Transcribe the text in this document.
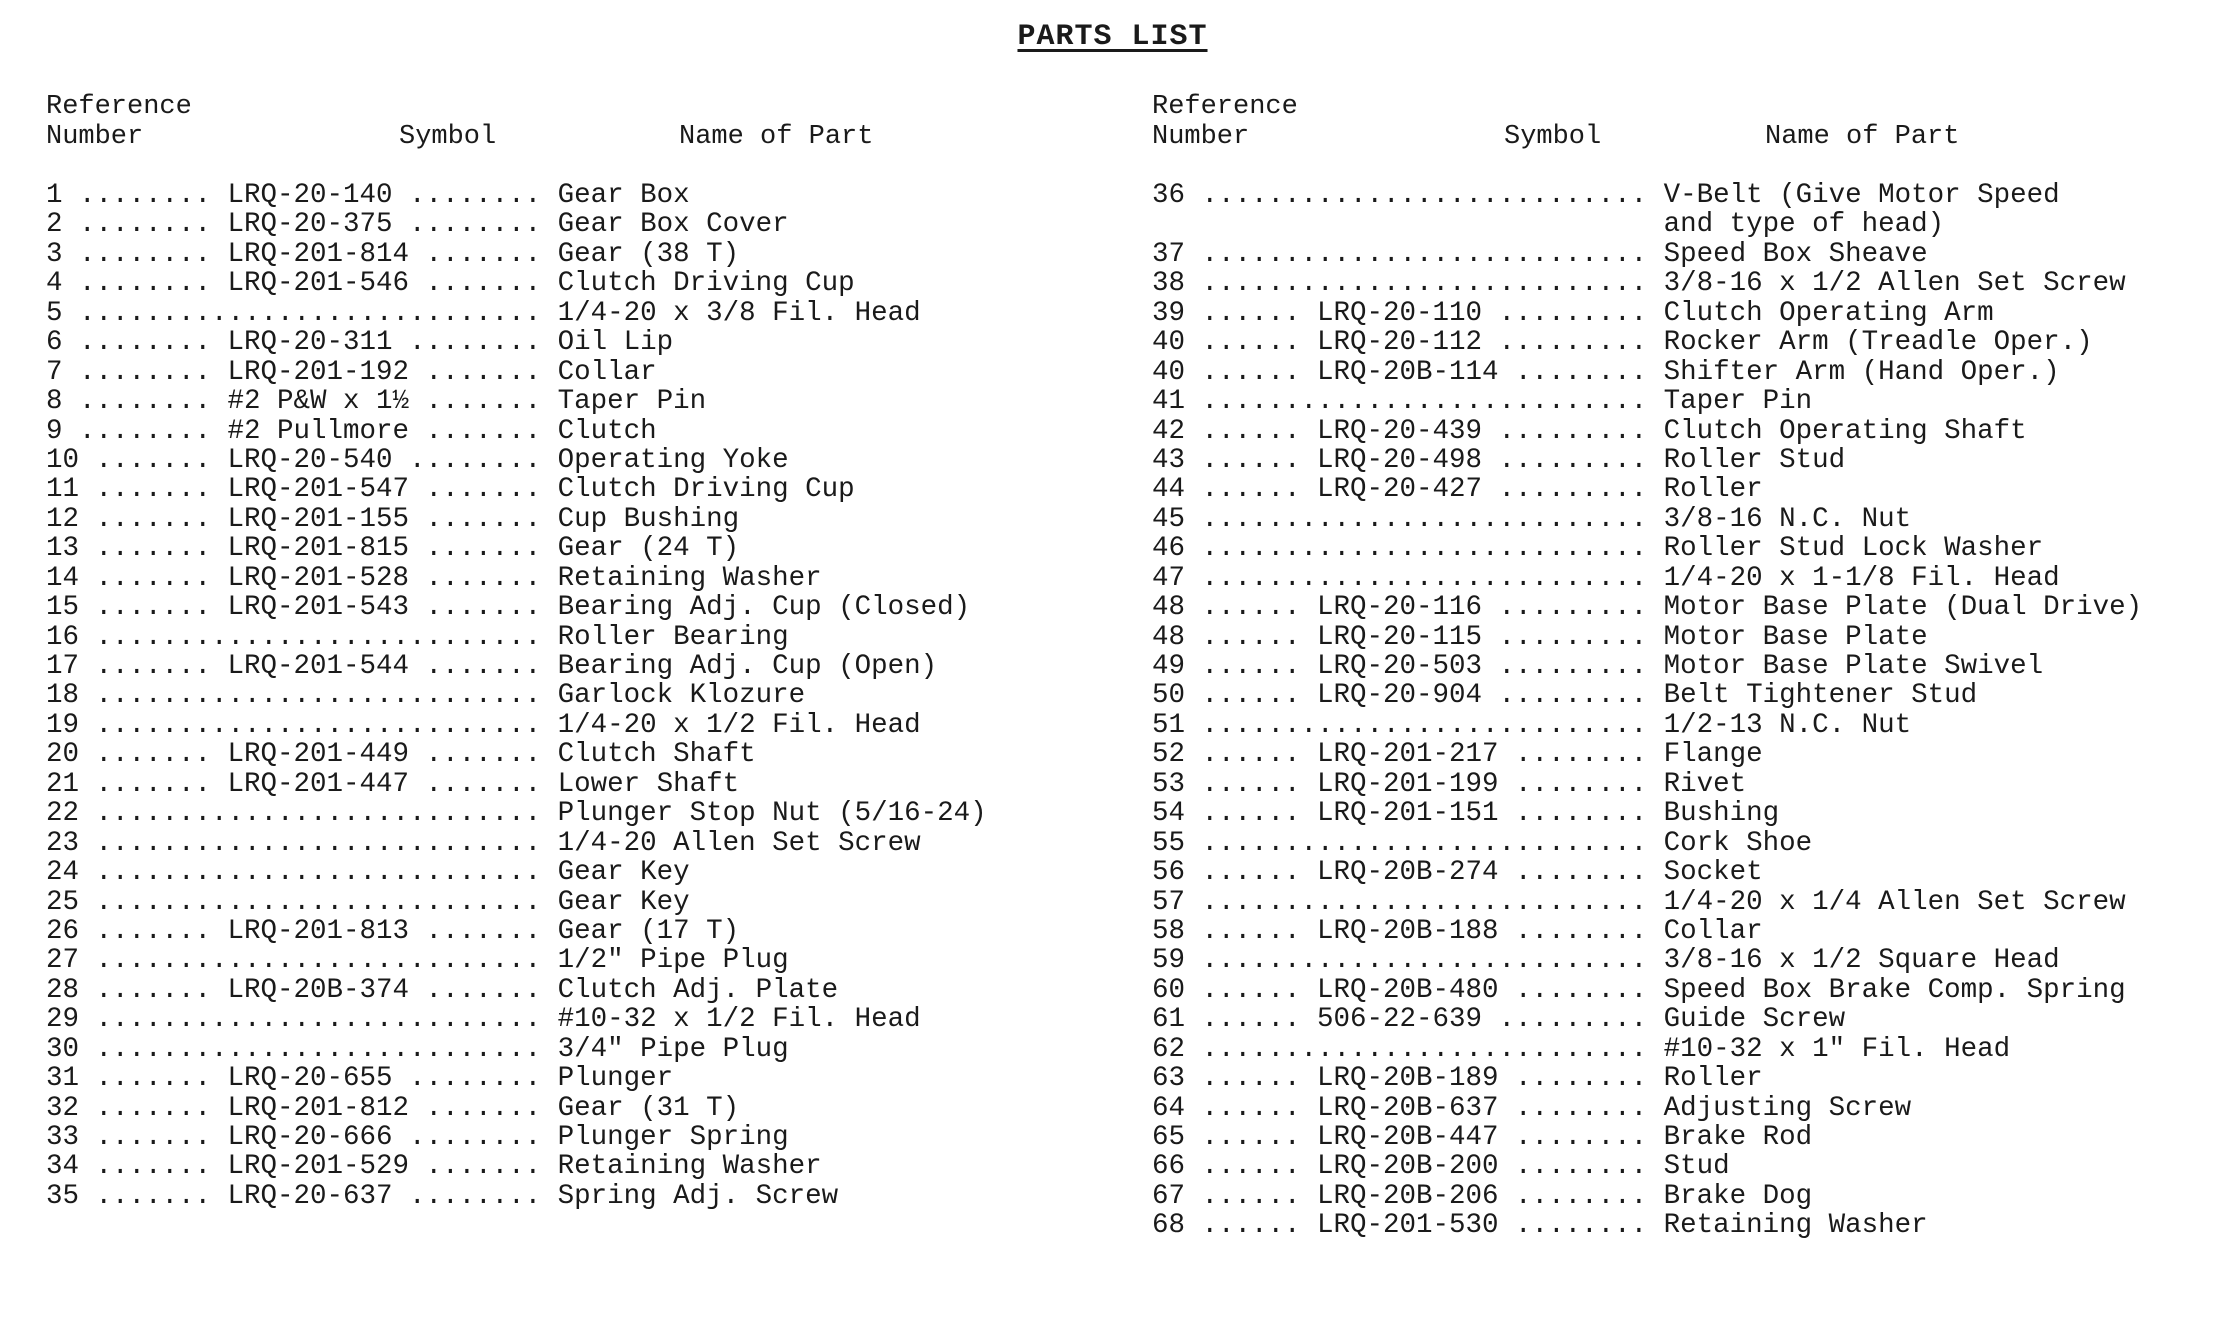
PARTS LIST
Reference
Number	Symbol	Name of Part
1 ........ LRQ-20-140 ........ Gear Box
2 ........ LRQ-20-375 ........ Gear Box Cover
3 ........ LRQ-201-814 ....... Gear (38 T)
4 ........ LRQ-201-546 ....... Clutch Driving Cup
5 ............................ 1/4-20 x 3/8 Fil. Head
6 ........ LRQ-20-311 ........ Oil Lip
7 ........ LRQ-201-192 ....... Collar
8 ........ #2 P&W x 1½ ....... Taper Pin
9 ........ #2 Pullmore ....... Clutch
10 ....... LRQ-20-540 ........ Operating Yoke
11 ....... LRQ-201-547 ....... Clutch Driving Cup
12 ....... LRQ-201-155 ....... Cup Bushing
13 ....... LRQ-201-815 ....... Gear (24 T)
14 ....... LRQ-201-528 ....... Retaining Washer
15 ....... LRQ-201-543 ....... Bearing Adj. Cup (Closed)
16 ........................... Roller Bearing
17 ....... LRQ-201-544 ....... Bearing Adj. Cup (Open)
18 ........................... Garlock Klozure
19 ........................... 1/4-20 x 1/2 Fil. Head
20 ....... LRQ-201-449 ....... Clutch Shaft
21 ....... LRQ-201-447 ....... Lower Shaft
22 ........................... Plunger Stop Nut (5/16-24)
23 ........................... 1/4-20 Allen Set Screw
24 ........................... Gear Key
25 ........................... Gear Key
26 ....... LRQ-201-813 ....... Gear (17 T)
27 ........................... 1/2" Pipe Plug
28 ....... LRQ-20B-374 ....... Clutch Adj. Plate
29 ........................... #10-32 x 1/2 Fil. Head
30 ........................... 3/4" Pipe Plug
31 ....... LRQ-20-655 ........ Plunger
32 ....... LRQ-201-812 ....... Gear (31 T)
33 ....... LRQ-20-666 ........ Plunger Spring
34 ....... LRQ-201-529 ....... Retaining Washer
35 ....... LRQ-20-637 ........ Spring Adj. Screw
Reference
Number	Symbol	Name of Part
36 ........................... V-Belt (Give Motor Speed
and type of head)
37 ........................... Speed Box Sheave
38 ........................... 3/8-16 x 1/2 Allen Set Screw
39 ...... LRQ-20-110 ......... Clutch Operating Arm
40 ...... LRQ-20-112 ......... Rocker Arm (Treadle Oper.)
40 ...... LRQ-20B-114 ........ Shifter Arm (Hand Oper.)
41 ........................... Taper Pin
42 ...... LRQ-20-439 ......... Clutch Operating Shaft
43 ...... LRQ-20-498 ......... Roller Stud
44 ...... LRQ-20-427 ......... Roller
45 ........................... 3/8-16 N.C. Nut
46 ........................... Roller Stud Lock Washer
47 ........................... 1/4-20 x 1-1/8 Fil. Head
48 ...... LRQ-20-116 ......... Motor Base Plate (Dual Drive)
48 ...... LRQ-20-115 ......... Motor Base Plate
49 ...... LRQ-20-503 ......... Motor Base Plate Swivel
50 ...... LRQ-20-904 ......... Belt Tightener Stud
51 ........................... 1/2-13 N.C. Nut
52 ...... LRQ-201-217 ........ Flange
53 ...... LRQ-201-199 ........ Rivet
54 ...... LRQ-201-151 ........ Bushing
55 ........................... Cork Shoe
56 ...... LRQ-20B-274 ........ Socket
57 ........................... 1/4-20 x 1/4 Allen Set Screw
58 ...... LRQ-20B-188 ........ Collar
59 ........................... 3/8-16 x 1/2 Square Head
60 ...... LRQ-20B-480 ........ Speed Box Brake Comp. Spring
61 ...... 506-22-639 ......... Guide Screw
62 ........................... #10-32 x 1" Fil. Head
63 ...... LRQ-20B-189 ........ Roller
64 ...... LRQ-20B-637 ........ Adjusting Screw
65 ...... LRQ-20B-447 ........ Brake Rod
66 ...... LRQ-20B-200 ........ Stud
67 ...... LRQ-20B-206 ........ Brake Dog
68 ...... LRQ-201-530 ........ Retaining Washer
